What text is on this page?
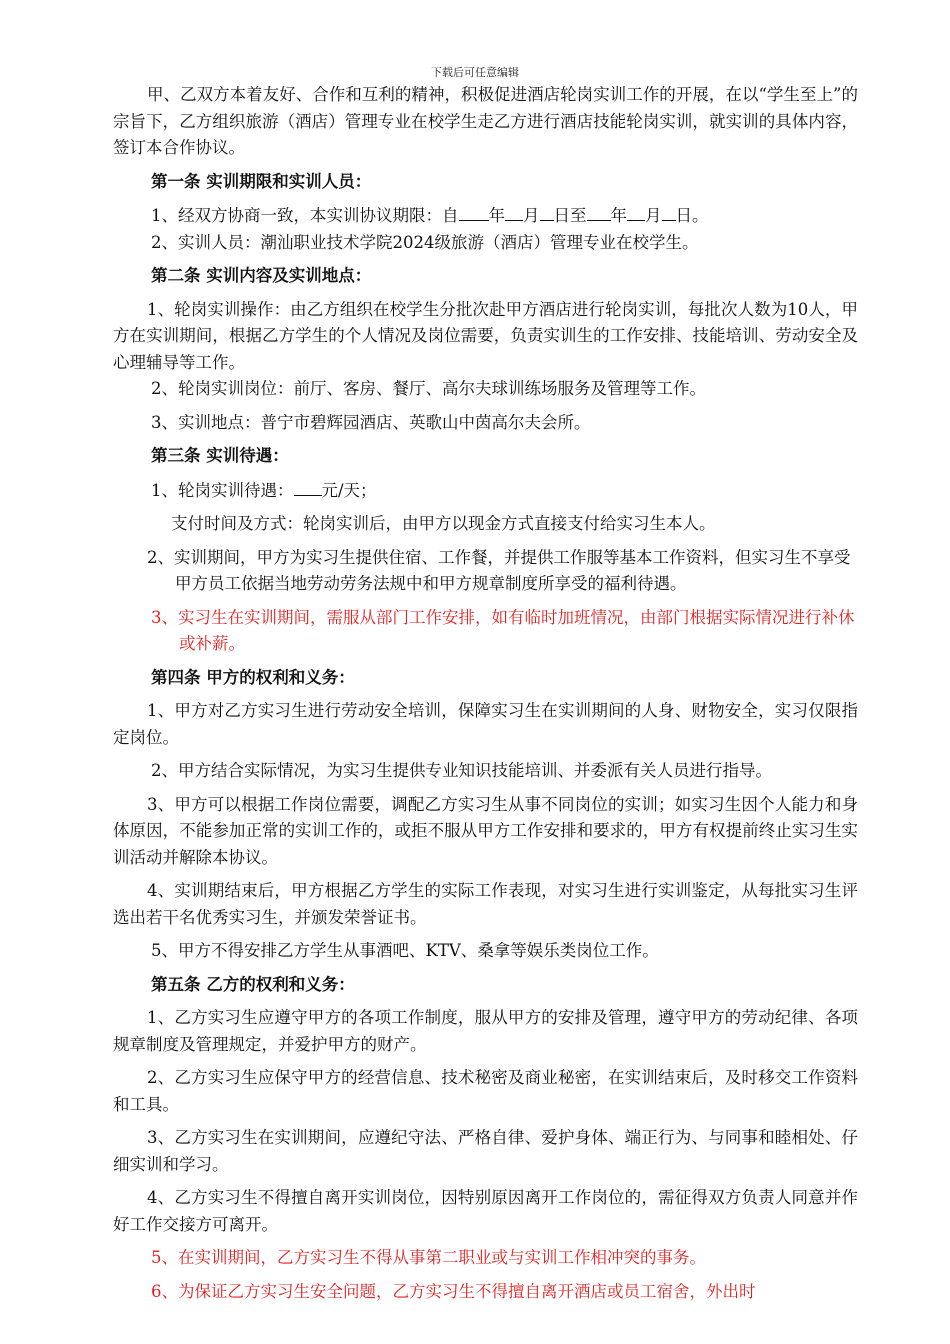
下载后可任意编辑

甲、乙双方本着友好、合作和互利的精神，积极促进酒店轮岗实训工作的开展，在以“学生至上”的宗旨下，乙方组织旅游（酒店）管理专业在校学生走乙方进行酒店技能轮岗实训，就实训的具体内容，签订本合作协议。

第一条 实训期限和实训人员：

1、经双方协商一致，本实训协议期限：自 年 月 日至 年 月 日。

2、实训人员：潮汕职业技术学院2024级旅游（酒店）管理专业在校学生。

第二条 实训内容及实训地点：

1、轮岗实训操作：由乙方组织在校学生分批次赴甲方酒店进行轮岗实训，每批次人数为10人，甲方在实训期间，根据乙方学生的个人情况及岗位需要，负责实训生的工作安排、技能培训、劳动安全及心理辅导等工作。

2、轮岗实训岗位：前厅、客房、餐厅、高尔夫球训练场服务及管理等工作。

3、实训地点：普宁市碧辉园酒店、英歌山中茵高尔夫会所。

第三条 实训待遇：

1、轮岗实训待遇： 元/天；

支付时间及方式：轮岗实训后，由甲方以现金方式直接支付给实习生本人。

2、实训期间，甲方为实习生提供住宿、工作餐，并提供工作服等基本工作资料，但实习生不享受甲方员工依据当地劳动劳务法规中和甲方规章制度所享受的福利待遇。

3、实习生在实训期间，需服从部门工作安排，如有临时加班情况，由部门根据实际情况进行补休或补薪。

第四条 甲方的权利和义务：

1、甲方对乙方实习生进行劳动安全培训，保障实习生在实训期间的人身、财物安全，实习仅限指定岗位。

2、甲方结合实际情况，为实习生提供专业知识技能培训、并委派有关人员进行指导。

3、甲方可以根据工作岗位需要，调配乙方实习生从事不同岗位的实训；如实习生因个人能力和身体原因，不能参加正常的实训工作的，或拒不服从甲方工作安排和要求的，甲方有权提前终止实习生实训活动并解除本协议。

4、实训期结束后，甲方根据乙方学生的实际工作表现，对实习生进行实训鉴定，从每批实习生评选出若干名优秀实习生，并颁发荣誉证书。

5、甲方不得安排乙方学生从事酒吧、KTV、桑拿等娱乐类岗位工作。

第五条 乙方的权利和义务：

1、乙方实习生应遵守甲方的各项工作制度，服从甲方的安排及管理，遵守甲方的劳动纪律、各项规章制度及管理规定，并爱护甲方的财产。

2、乙方实习生应保守甲方的经营信息、技术秘密及商业秘密，在实训结束后，及时移交工作资料和工具。

3、乙方实习生在实训期间，应遵纪守法、严格自律、爱护身体、端正行为、与同事和睦相处、仔细实训和学习。

4、乙方实习生不得擅自离开实训岗位，因特别原因离开工作岗位的，需征得双方负责人同意并作好工作交接方可离开。

5、在实训期间，乙方实习生不得从事第二职业或与实训工作相冲突的事务。

6、为保证乙方实习生安全问题，乙方实习生不得擅自离开酒店或员工宿舍，外出时
